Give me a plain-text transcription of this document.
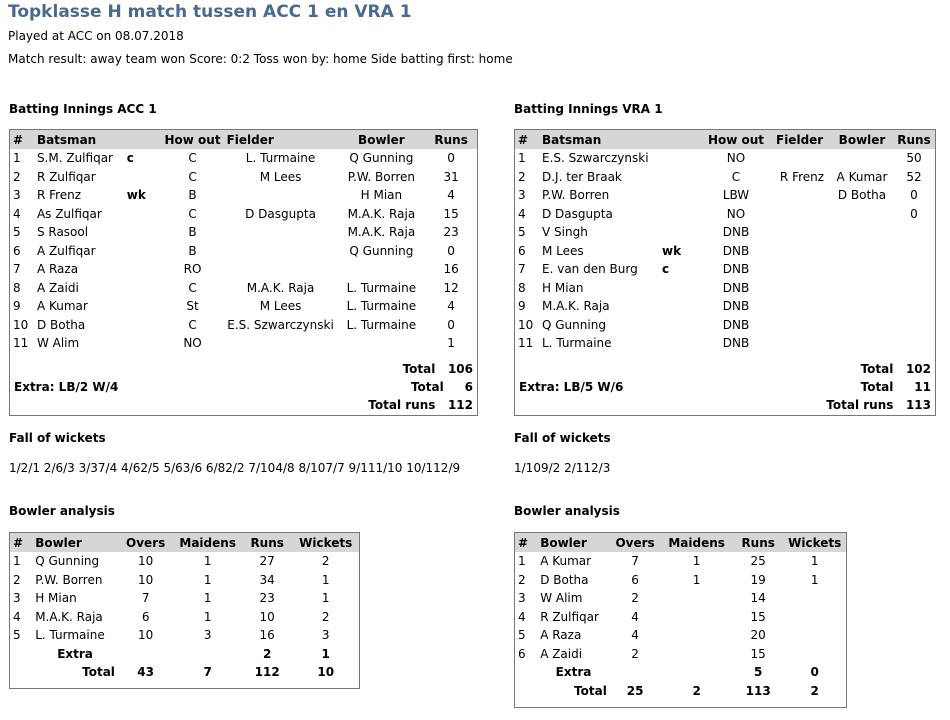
Topklasse H match tussen ACC 1 en VRA 1
Played at ACC on 08.07.2018
Match result: away team won Score: 0:2 Toss won by: home Side batting first: home
Batting Innings ACC 1
#	Batsman		How out	Fielder	Bowler	Runs
1	S.M. Zulfiqar	c	C	L. Turmaine	Q Gunning	0
2	R Zulfiqar		C	M Lees	P.W. Borren	31
3	R Frenz	wk	B		H Mian	4
4	As Zulfiqar		C	D Dasgupta	M.A.K. Raja	15
5	S Rasool		B		M.A.K. Raja	23
6	A Zulfiqar		B		Q Gunning	0
7	A Raza		RO			16
8	A Zaidi		C	M.A.K. Raja	L. Turmaine	12
9	A Kumar		St	M Lees	L. Turmaine	4
10	D Botha		C	E.S. Szwarczynski	L. Turmaine	0
11	W Alim		NO			1
Total 106
Extra: LB/2 W/4	Total 6
Total runs 112
Batting Innings VRA 1
#	Batsman		How out	Fielder	Bowler	Runs
1	E.S. Szwarczynski		NO			50
2	D.J. ter Braak		C	R Frenz	A Kumar	52
3	P.W. Borren		LBW		D Botha	0
4	D Dasgupta		NO			0
5	V Singh		DNB			
6	M Lees	wk	DNB			
7	E. van den Burg	c	DNB			
8	H Mian		DNB			
9	M.A.K. Raja		DNB			
10	Q Gunning		DNB			
11	L. Turmaine		DNB			
Total 102
Extra: LB/5 W/6	Total 11
Total runs 113
Fall of wickets
1/2/1 2/6/3 3/37/4 4/62/5 5/63/6 6/82/2 7/104/8 8/107/7 9/111/10 10/112/9
Fall of wickets
1/109/2 2/112/3
Bowler analysis
#	Bowler	Overs	Maidens	Runs	Wickets
1	Q Gunning	10	1	27	2
2	P.W. Borren	10	1	34	1
3	H Mian	7	1	23	1
4	M.A.K. Raja	6	1	10	2
5	L. Turmaine	10	3	16	3
	Extra			2	1
	Total	43	7	112	10
Bowler analysis
#	Bowler	Overs	Maidens	Runs	Wickets
1	A Kumar	7	1	25	1
2	D Botha	6	1	19	1
3	W Alim	2		14	
4	R Zulfiqar	4		15	
5	A Raza	4		20	
6	A Zaidi	2		15	
	Extra			5	0
	Total	25	2	113	2
